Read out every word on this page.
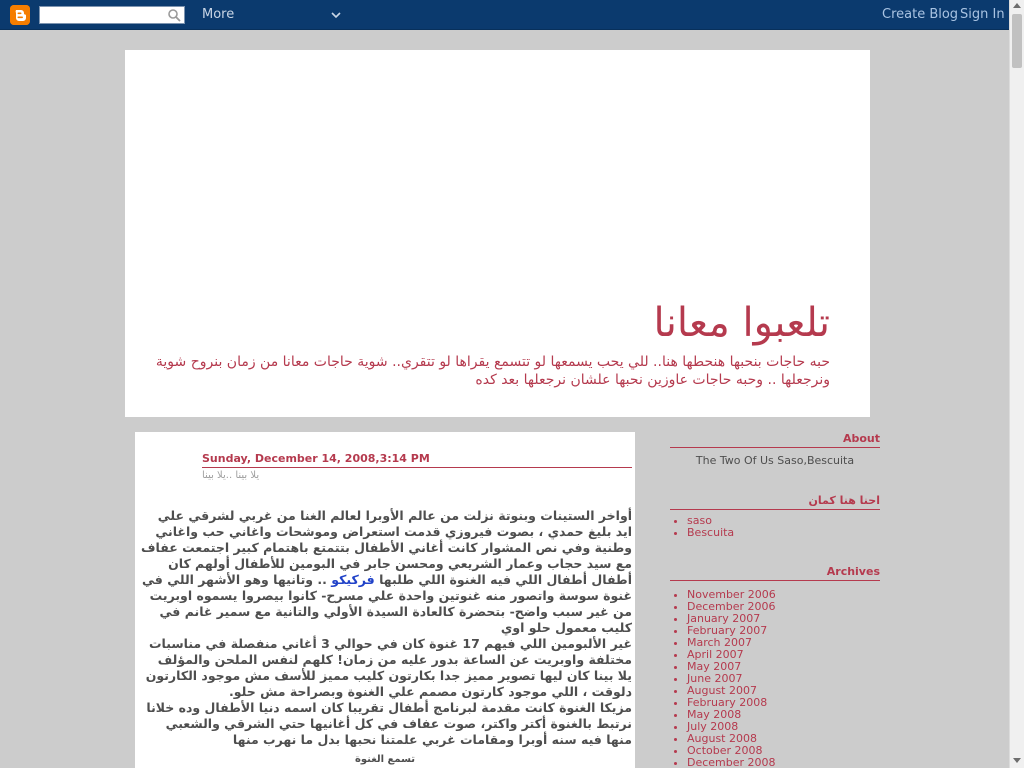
More	Create Blog Sign In
تلعبوا معانا
حبه حاجات بنحبها هنحطها هنا.. للي يحب يسمعها لو تتسمع يقراها لو تتقري.. شوية حاجات معانا من زمان بنروح شوية ونرجعلها .. وحبه حاجات عاوزين نحبها علشان نرجعلها بعد كده
Sunday, December 14, 2008,3:14 PM
يلا بينا ..يلا بينا

أواخر الستينات وبنوتة نزلت من عالم الأوبرا لعالم الغنا من غربي لشرقي علي ايد بليغ حمدي ، بصوت فيروزي قدمت استعراض وموشحات واغاني حب واغاني وطنية وفي نص المشوار كانت أغاني الأطفال بتتمتع باهتمام كبير اجتمعت عفاف مع سيد حجاب وعمار الشريعي ومحسن جابر في البومين للأطفال أولهم كان أطفال أطفال اللي فيه الغنوة اللي طلبها فركيكو .. وتانيها وهو الأشهر اللي في غنوة سوسة واتصور منه غنوتين واحدة علي مسرح- كانوا بيصروا يسموه اوبريت من غير سبب واضح- بتحضرة كالعادة السيدة الأولي والتانية مع سمير غانم في كليب معمول حلو اوي

غير الألبومين اللي فيهم 17 غنوة كان في حوالي 3 أغاني منفصلة في مناسبات مختلفة واوبريت عن الساعة بدور عليه من زمان! كلهم لنفس الملحن والمؤلف

يلا بينا كان ليها تصوير مميز جدا بكارتون كليب مميز للأسف مش موجود الكارتون دلوقت ، اللي موجود كارتون مصمم علي الغنوة وبصراحة مش حلو.

مزيكا الغنوة كانت مقدمة لبرنامج أطفال تقريبا كان اسمه دنيا الأطفال وده خلانا نرتبط بالغنوة أكتر واكتر، صوت عفاف في كل أغانيها حتي الشرقي والشعبي منها فيه سنه أوبرا ومقامات غربي علمتنا نحبها بدل ما نهرب منها

تسمع الغنوة
About
The Two Of Us Saso,Bescuita
احنا هنا كمان
• saso
• Bescuita
Archives
• November 2006
• December 2006
• January 2007
• February 2007
• March 2007
• April 2007
• May 2007
• June 2007
• August 2007
• February 2008
• May 2008
• July 2008
• August 2008
• October 2008
• December 2008
